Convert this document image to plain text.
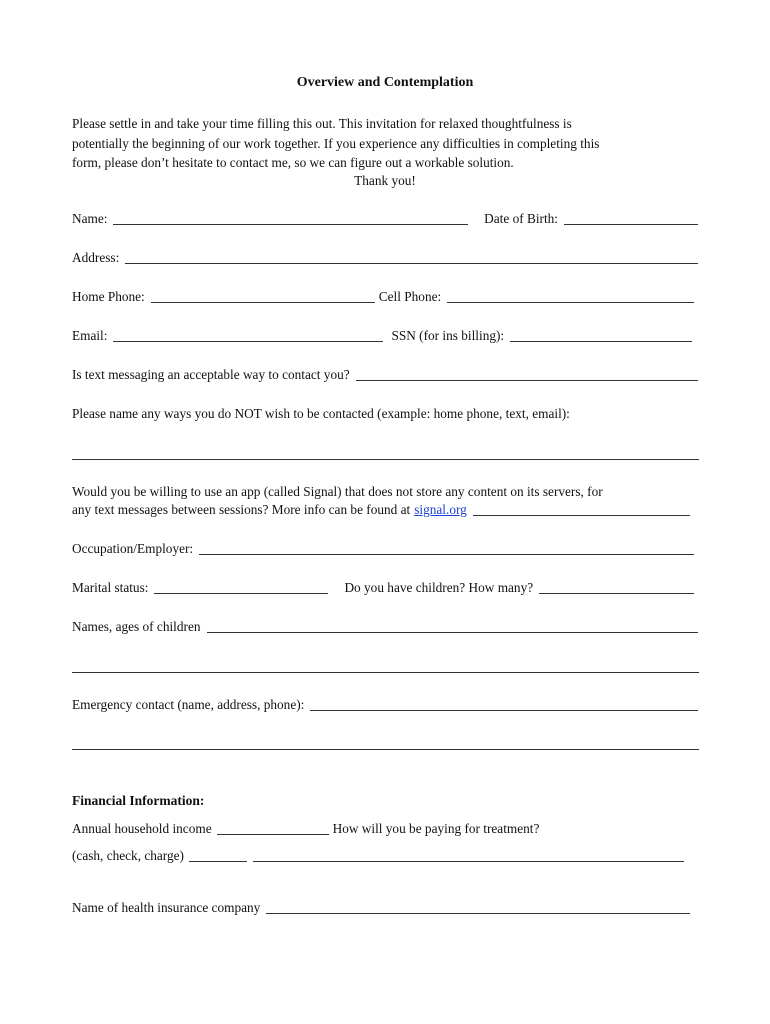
Overview and Contemplation

Please settle in and take your time filling this out. This invitation for relaxed thoughtfulness is

potentially the beginning of our work together. If you experience any difficulties in completing this

form, please don’t hesitate to contact me, so we can figure out a workable solution.

Thank you!
Name:	Date of Birth:
Address:
Home Phone:	Cell Phone:
Email:	SSN (for ins billing):
Is text messaging an acceptable way to contact you?
Please name any ways you do NOT wish to be contacted (example: home phone, text, email):
Would you be willing to use an app (called Signal) that does not store any content on its servers, for
any text messages between sessions? More info can be found at signal.org
Occupation/Employer:
Marital status:	Do you have children? How many?
Names, ages of children
Emergency contact (name, address, phone):
Financial Information:
Annual household income	How will you be paying for treatment?
(cash, check, charge)
Name of health insurance company
